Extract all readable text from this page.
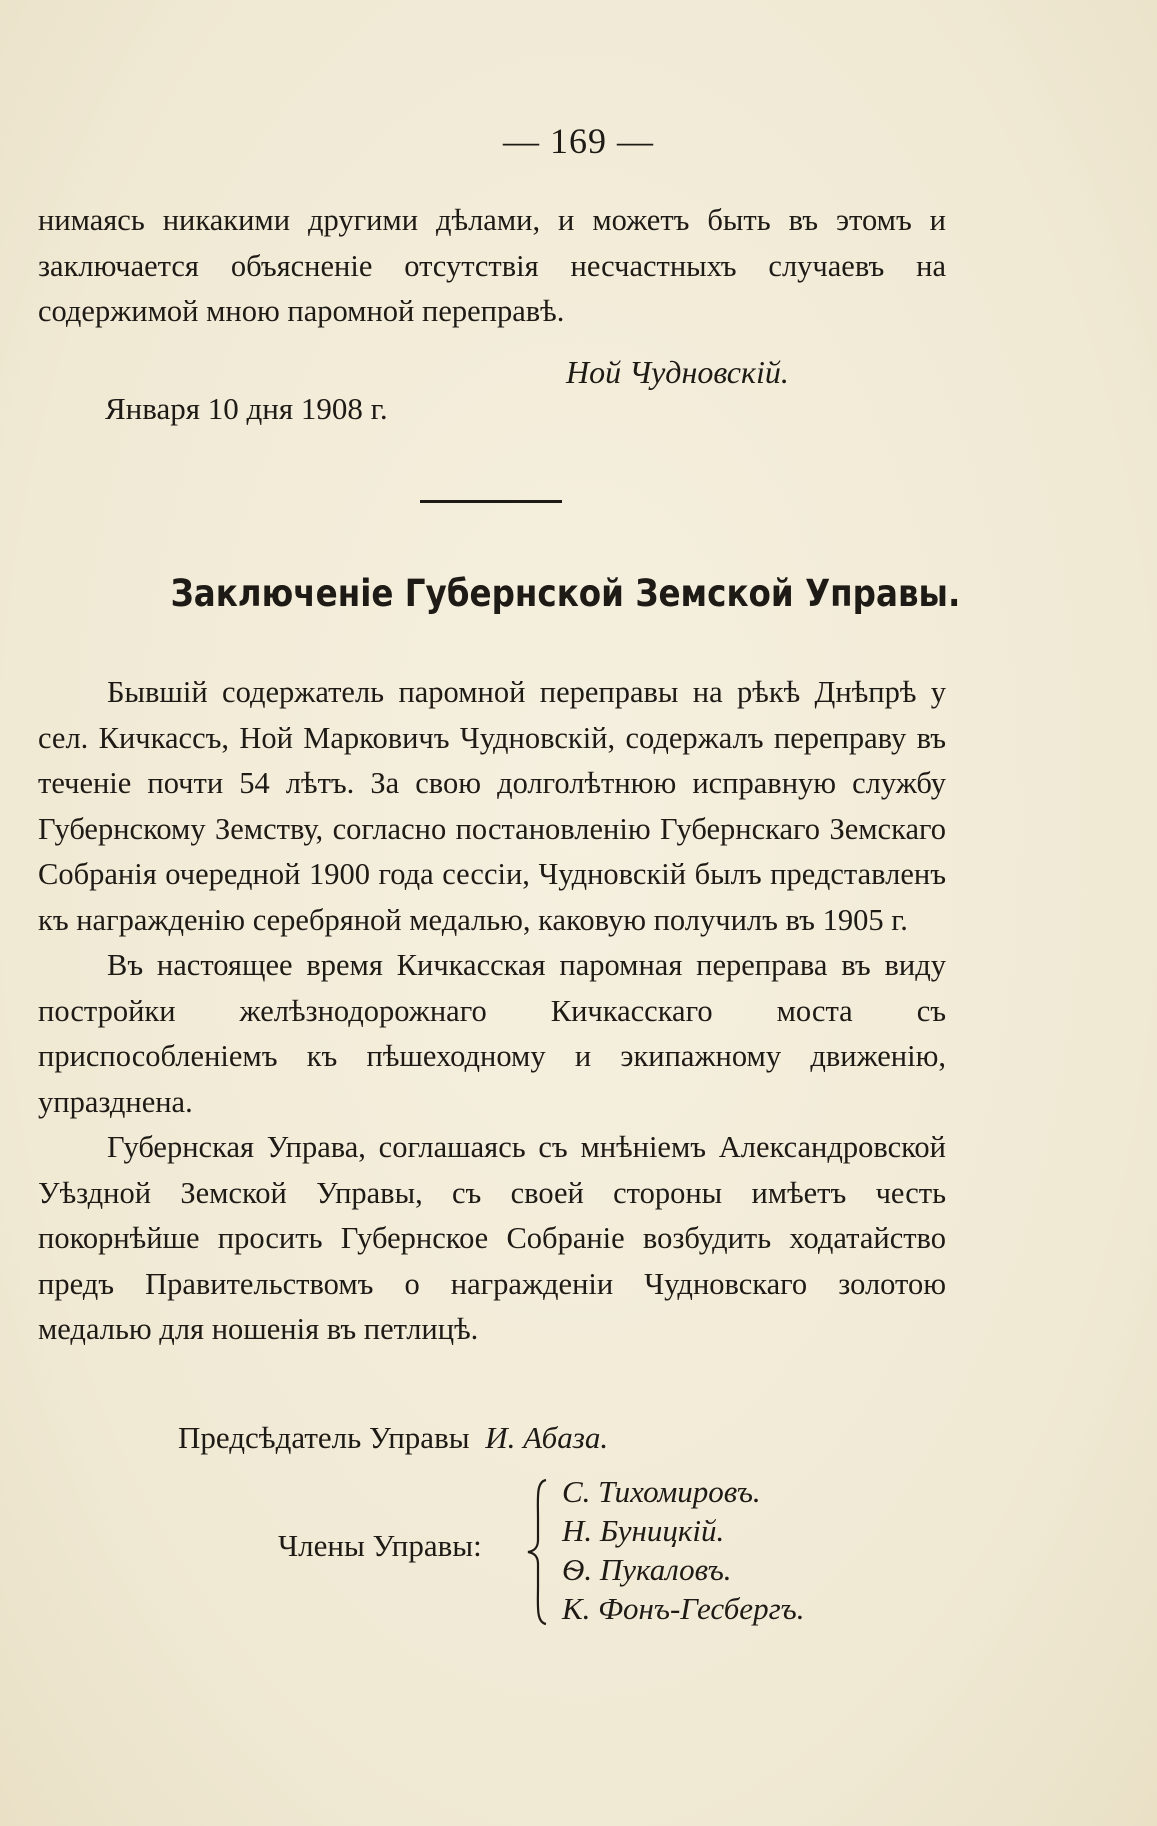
— 169 —

нимаясь никакими другими дѣлами, и можетъ быть въ этомъ и заключается объясненіе отсутствія несчастныхъ случаевъ на содержимой мною паромной переправѣ.

Ной Чудновскій.
Января 10 дня 1908 г.
Заключеніе Губернской Земской Управы.

Бывшій содержатель паромной переправы на рѣкѣ Днѣпрѣ у сел. Кичкассъ, Ной Марковичъ Чудновскій, содержалъ переправу въ теченіе почти 54 лѣтъ. За свою долголѣтнюю исправную службу Губернскому Земству, согласно постановленію Губернскаго Земскаго Собранія очередной 1900 года сессіи, Чудновскій былъ представленъ къ награжденію серебряной медалью, каковую получилъ въ 1905 г.

Въ настоящее время Кичкасская паромная переправа въ виду постройки желѣзнодорожнаго Кичкасскаго моста съ приспособленіемъ къ пѣшеходному и экипажному движенію, упразднена.

Губернская Управа, соглашаясь съ мнѣніемъ Александровской Уѣздной Земской Управы, съ своей стороны имѣетъ честь покорнѣйше просить Губернское Собраніе возбудить ходатайство предъ Правительствомъ о награжденіи Чудновскаго золотою медалью для ношенія въ петлицѣ.

Предсѣдатель Управы И. Абаза.
Члены Управы:
С. Тихомировъ.
Н. Буницкій.
Ѳ. Пукаловъ.
К. Фонъ-Гесбергъ.
